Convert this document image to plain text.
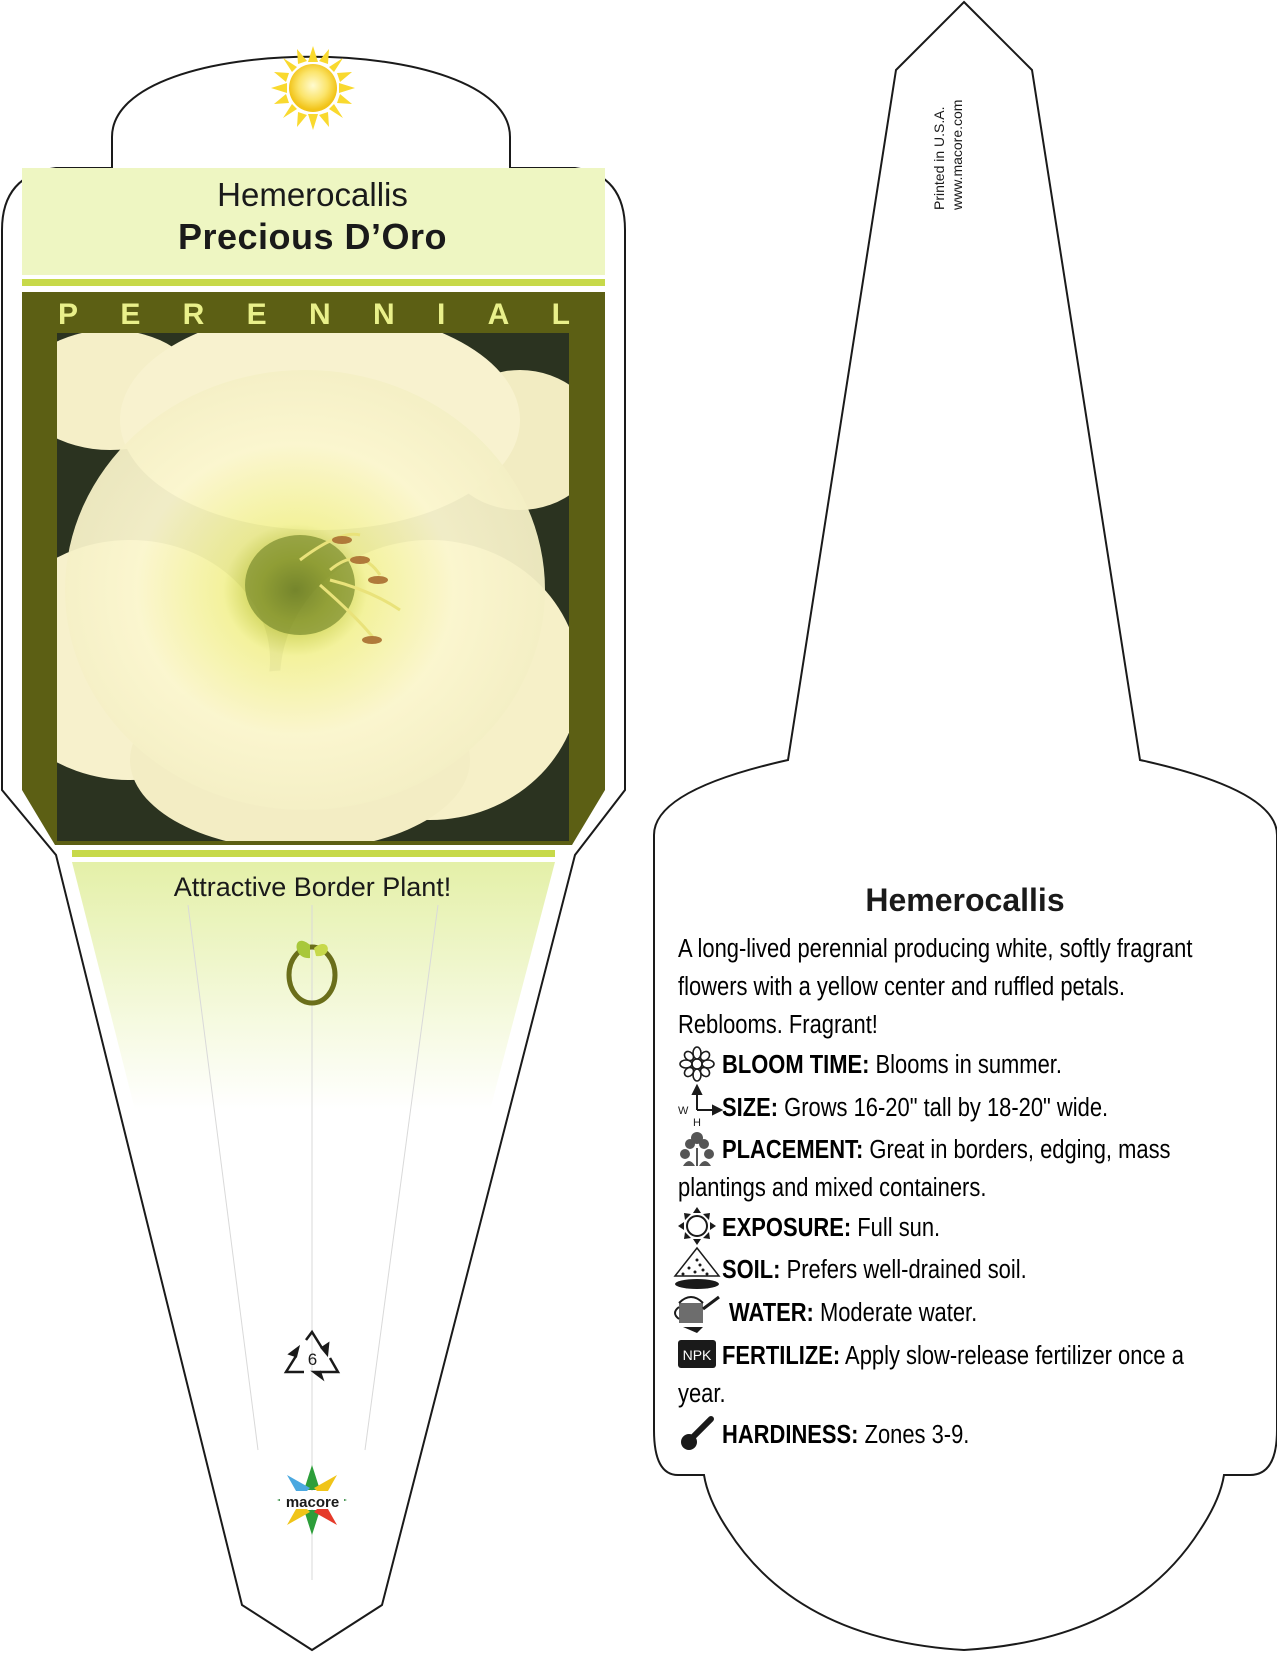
W
H
NPK
Hemerocallis
Precious D’Oro
P E R E N N I A L
Attractive Border Plant!
6
macore
Printed in U.S.A. www.macore.com
Hemerocallis
A long-lived perennial producing white, softly fragrant
flowers with a yellow center and ruffled petals.
Reblooms. Fragrant!
BLOOM TIME: Blooms in summer.
SIZE: Grows 16-20" tall by 18-20" wide.
PLACEMENT: Great in borders, edging, mass
plantings and mixed containers.
EXPOSURE: Full sun.
SOIL: Prefers well-drained soil.
WATER: Moderate water.
FERTILIZE: Apply slow-release fertilizer once a
year.
HARDINESS: Zones 3-9.
